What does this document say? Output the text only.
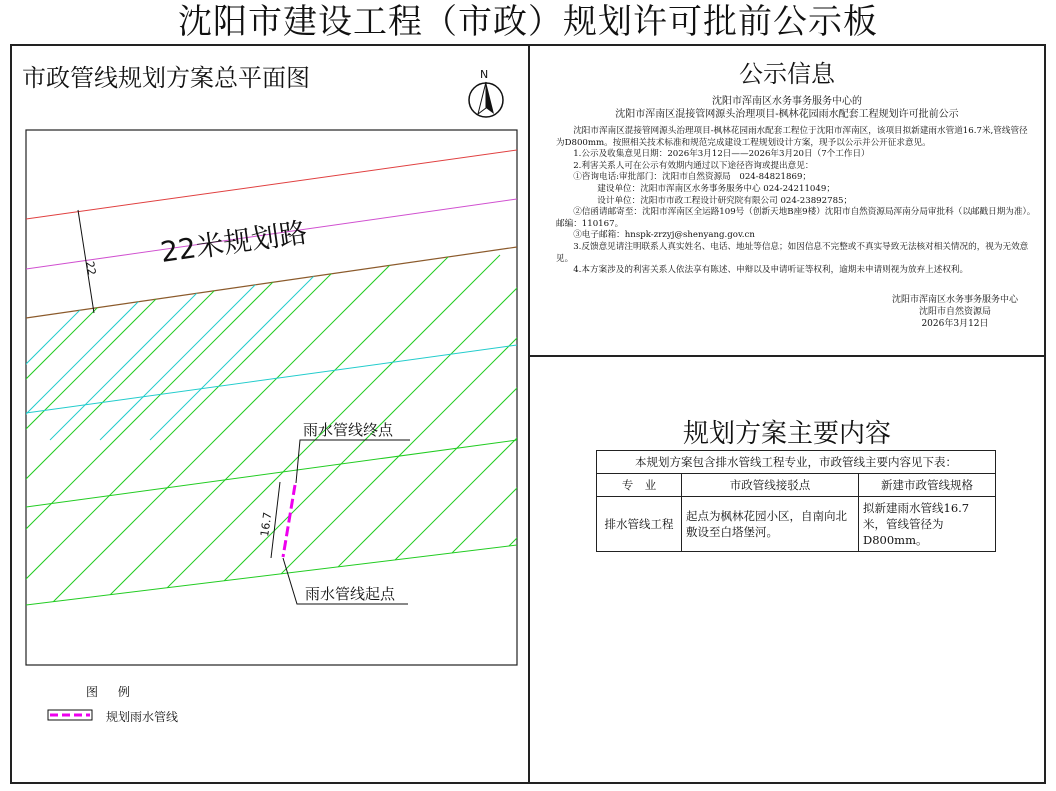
沈阳市建设工程（市政）规划许可批前公示板
市政管线规划方案总平面图
22 22米规划路
N
16.7
雨水管线终点
雨水管线起点
图 例
规划雨水管线
公示信息
沈阳市浑南区水务事务服务中心的
沈阳市浑南区混接管网源头治理项目-枫林花园雨水配套工程规划许可批前公示

沈阳市浑南区混接管网源头治理项目-枫林花园雨水配套工程位于沈阳市浑南区，该项目拟新建雨水管道16.7米,管线管径为D800mm。按照相关技术标准和规范完成建设工程规划设计方案，现予以公示并公开征求意见。

1.公示及收集意见日期：2026年3月12日——2026年3月20日（7个工作日）

2.利害关系人可在公示有效期内通过以下途径咨询或提出意见：

①咨询电话:审批部门：沈阳市自然资源局　024-84821869；

建设单位：沈阳市浑南区水务事务服务中心 024-24211049；

设计单位：沈阳市市政工程设计研究院有限公司 024-23892785；

②信函请邮寄至：沈阳市浑南区全运路109号（创新天地B座9楼）沈阳市自然资源局浑南分局审批科（以邮戳日期为准）。邮编：110167。

③电子邮箱：hnspk-zrzyj@shenyang.gov.cn

3.反馈意见请注明联系人真实姓名、电话、地址等信息；如因信息不完整或不真实导致无法核对相关情况的，视为无效意见。

4.本方案涉及的利害关系人依法享有陈述、申辩以及申请听证等权利，逾期未申请则视为放弃上述权利。

沈阳市浑南区水务事务服务中心
沈阳市自然资源局
2026年3月12日
规划方案主要内容
本规划方案包含排水管线工程专业，市政管线主要内容见下表：		
专　业	市政管线接驳点	新建市政管线规格
排水管线工程	起点为枫林花园小区，自南向北敷设至白塔堡河。	拟新建雨水管线16.7米，管线管径为D800mm。
